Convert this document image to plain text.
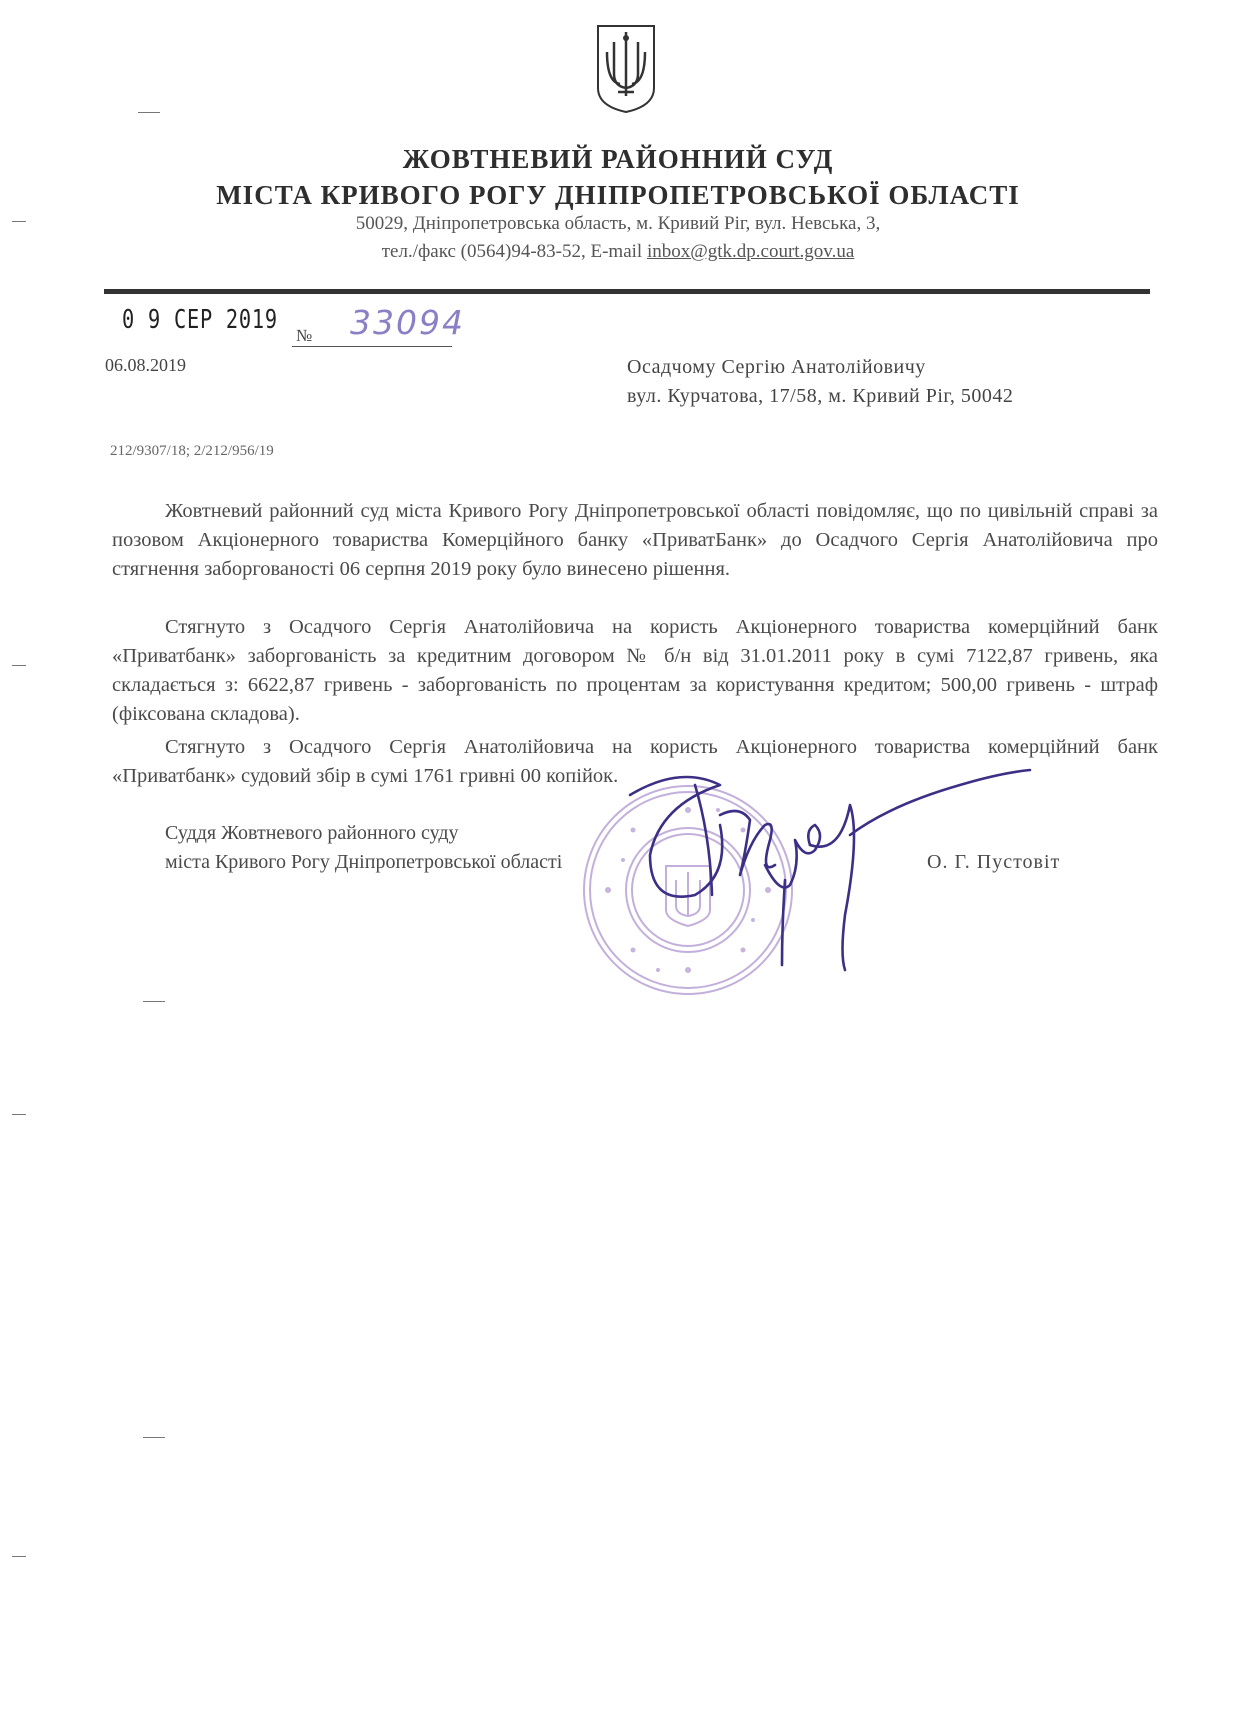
ЖОВТНЕВИЙ РАЙОННИЙ СУД
МІСТА КРИВОГО РОГУ ДНІПРОПЕТРОВСЬКОЇ ОБЛАСТІ
50029, Дніпропетровська область, м. Кривий Ріг, вул. Невська, 3,
тел./факс (0564)94-83-52, E-mail inbox@gtk.dp.court.gov.ua
0 9 СЕР 2019
№ 33094
06.08.2019	Осадчому Сергію Анатолійовичу
вул. Курчатова, 17/58, м. Кривий Ріг, 50042
212/9307/18; 2/212/956/19
Жовтневий районний суд міста Кривого Рогу Дніпропетровської області повідомляє, що по цивільній справі за позовом Акціонерного товариства Комерційного банку «ПриватБанк» до Осадчого Сергія Анатолійовича про стягнення заборгованості 06 серпня 2019 року було винесено рішення.
Стягнуто з Осадчого Сергія Анатолійовича на користь Акціонерного товариства комерційний банк «Приватбанк» заборгованість за кредитним договором № б/н від 31.01.2011 року в сумі 7122,87 гривень, яка складається з: 6622,87 гривень - заборгованість по процентам за користування кредитом; 500,00 гривень - штраф (фіксована складова).
Стягнуто з Осадчого Сергія Анатолійовича на користь Акціонерного товариства комерційний банк «Приватбанк» судовий збір в сумі 1761 гривні 00 копійок.
Суддя Жовтневого районного суду
міста Кривого Рогу Дніпропетровської області	О. Г. Пустовіт
